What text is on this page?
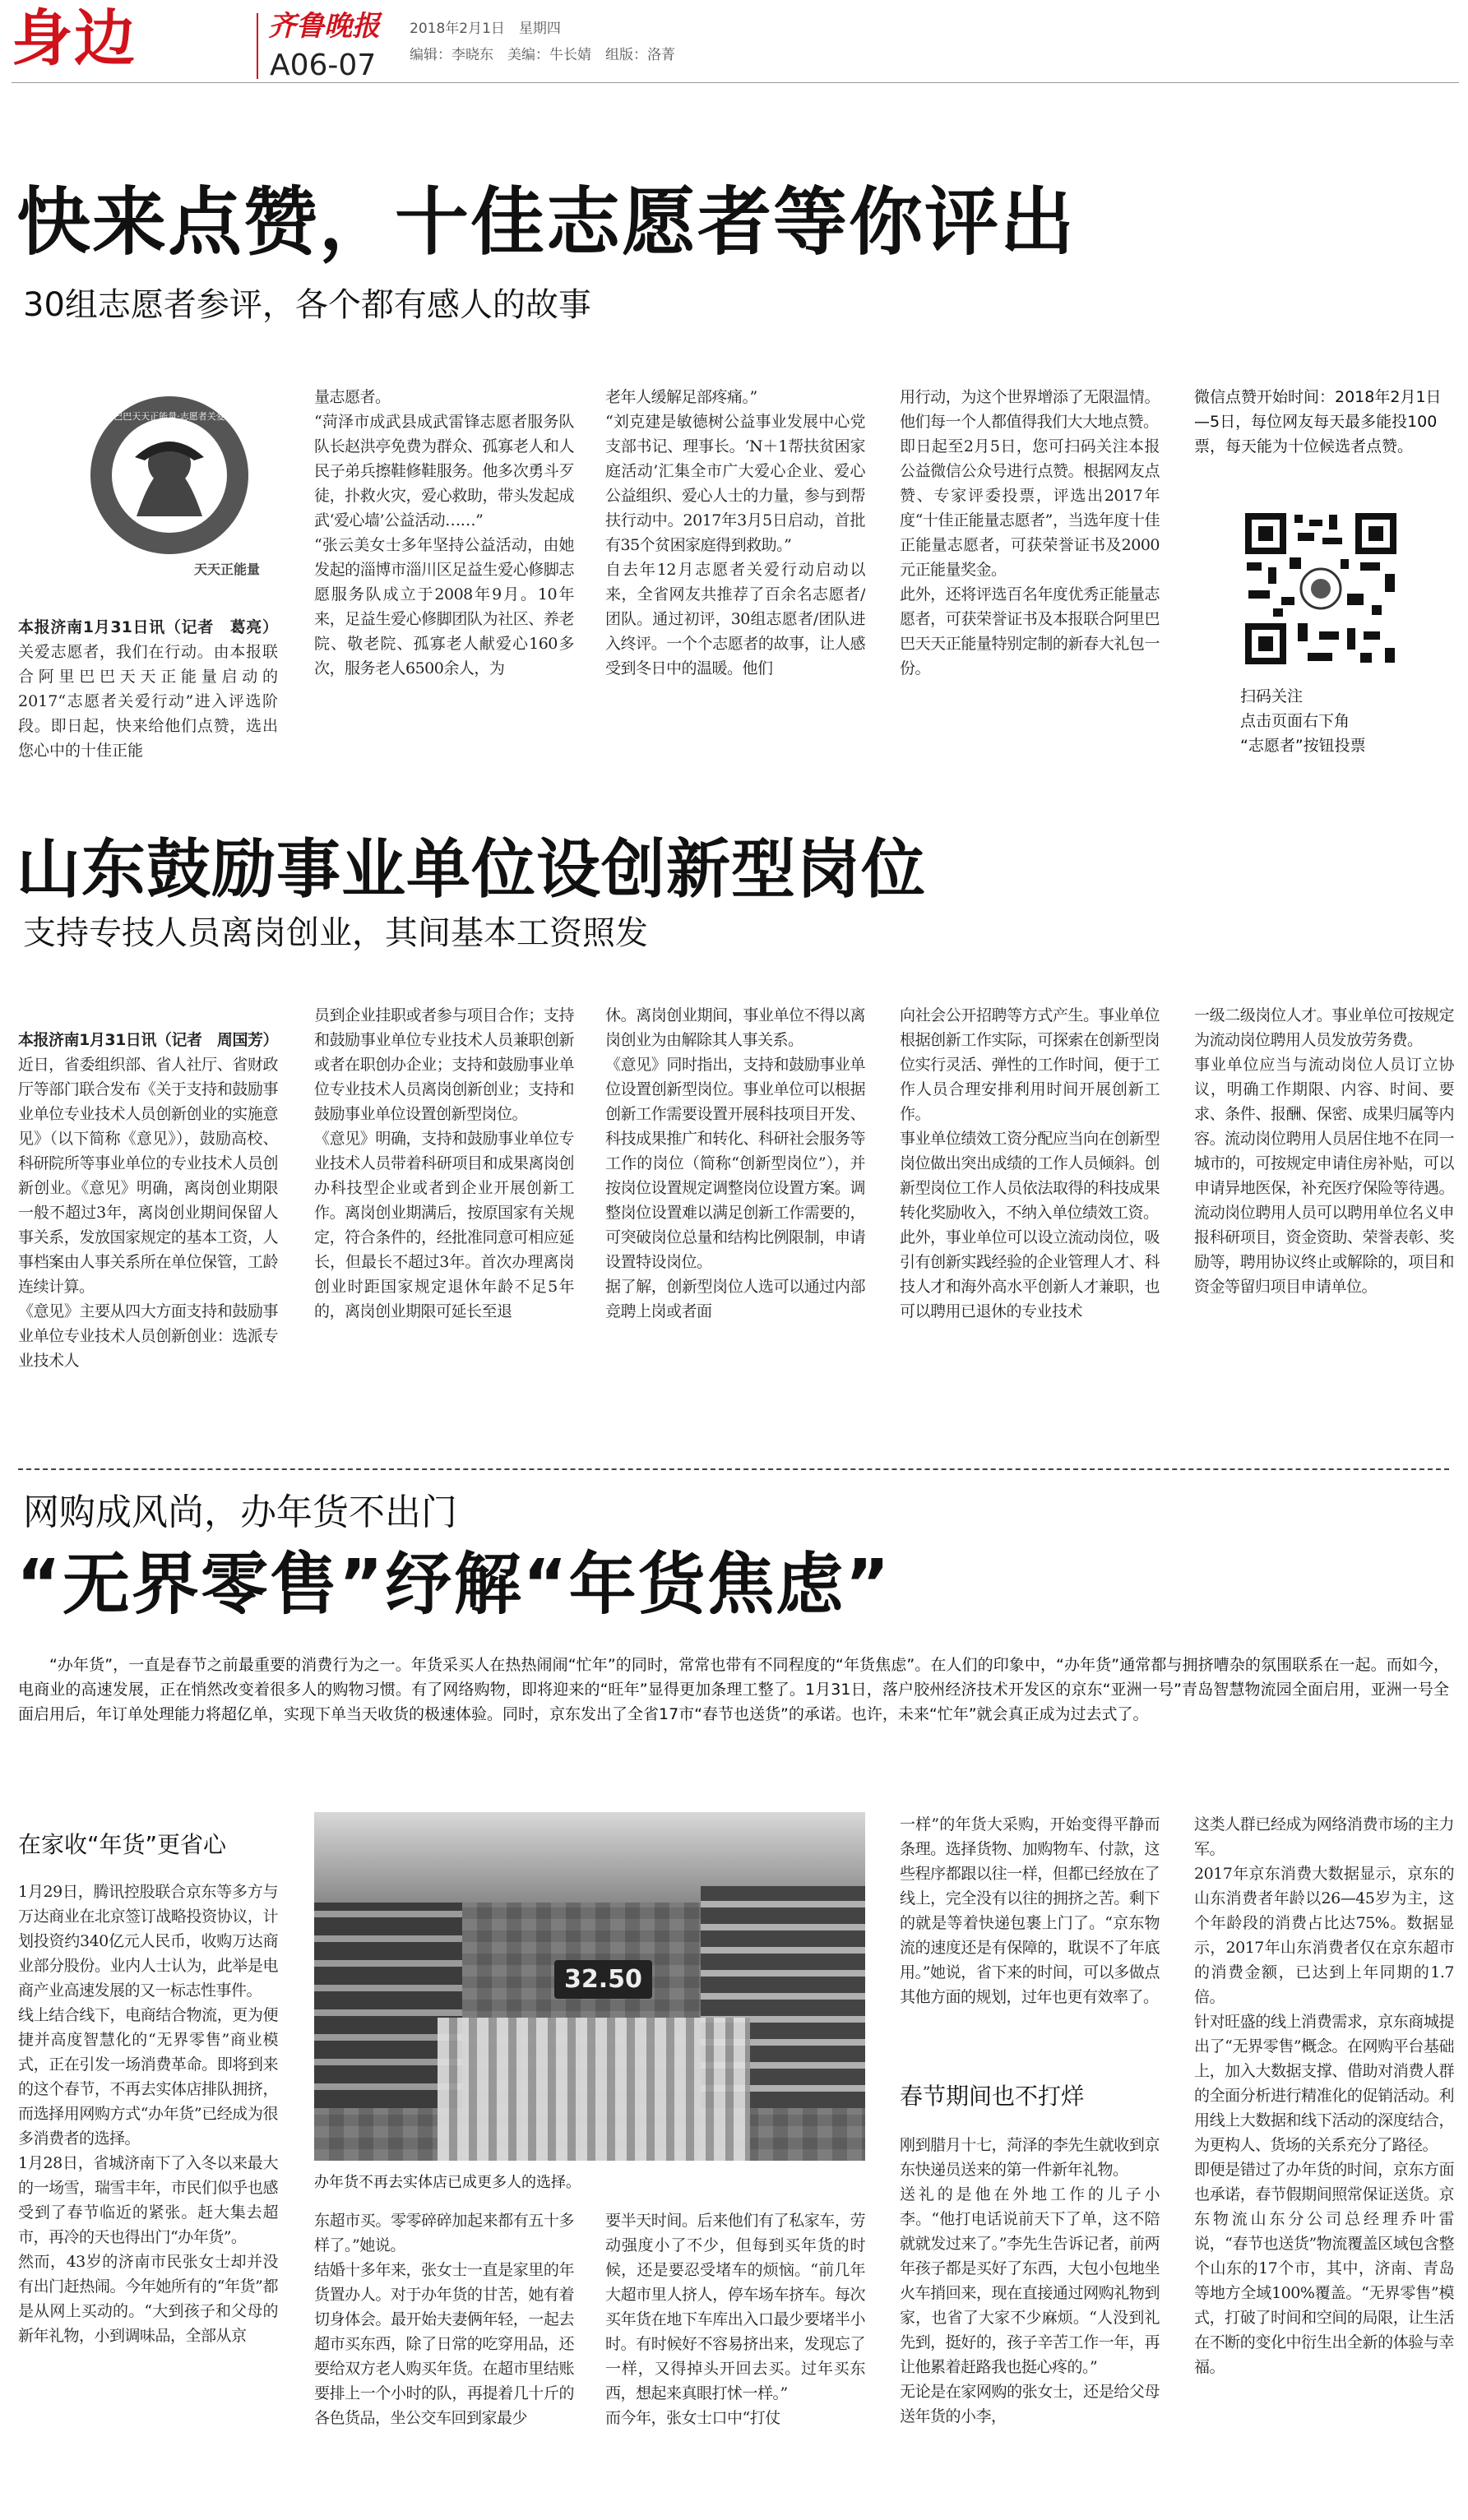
身边	齐鲁晚报
A06-07
2018年2月1日　星期四
编辑：李晓东　美编：牛长婧　组版：洛菁
快来点赞，十佳志愿者等你评出
30组志愿者参评，各个都有感人的故事
阿里巴巴天天正能量·志愿者关爱行动
天天正能量

本报济南1月31日讯（记者　葛亮）关爱志愿者，我们在行动。由本报联合阿里巴巴天天正能量启动的2017“志愿者关爱行动”进入评选阶段。即日起，快来给他们点赞，选出您心中的十佳正能

量志愿者。
“菏泽市成武县成武雷锋志愿者服务队队长赵洪亭免费为群众、孤寡老人和人民子弟兵擦鞋修鞋服务。他多次勇斗歹徒，扑救火灾，爱心救助，带头发起成武‘爱心墙’公益活动……”
“张云美女士多年坚持公益活动，由她发起的淄博市淄川区足益生爱心修脚志愿服务队成立于2008年9月。10年来，足益生爱心修脚团队为社区、养老院、敬老院、孤寡老人献爱心160多次，服务老人6500余人，为
老年人缓解足部疼痛。”
“刘克建是敏德树公益事业发展中心党支部书记、理事长。‘N＋1帮扶贫困家庭活动’汇集全市广大爱心企业、爱心公益组织、爱心人士的力量，参与到帮扶行动中。2017年3月5日启动，首批有35个贫困家庭得到救助。”
自去年12月志愿者关爱行动启动以来，全省网友共推荐了百余名志愿者/团队。通过初评，30组志愿者/团队进入终评。一个个志愿者的故事，让人感受到冬日中的温暖。他们
用行动，为这个世界增添了无限温情。他们每一个人都值得我们大大地点赞。
即日起至2月5日，您可扫码关注本报公益微信公众号进行点赞。根据网友点赞、专家评委投票，评选出2017年度“十佳正能量志愿者”，当选年度十佳正能量志愿者，可获荣誉证书及2000元正能量奖金。
此外，还将评选百名年度优秀正能量志愿者，可获荣誉证书及本报联合阿里巴巴天天正能量特别定制的新春大礼包一份。
微信点赞开始时间：2018年2月1日—5日，每位网友每天最多能投100票，每天能为十位候选者点赞。
扫码关注
点击页面右下角
“志愿者”按钮投票
山东鼓励事业单位设创新型岗位
支持专技人员离岗创业，其间基本工资照发

本报济南1月31日讯（记者　周国芳）近日，省委组织部、省人社厅、省财政厅等部门联合发布《关于支持和鼓励事业单位专业技术人员创新创业的实施意见》（以下简称《意见》），鼓励高校、科研院所等事业单位的专业技术人员创新创业。《意见》明确，离岗创业期限一般不超过3年，离岗创业期间保留人事关系，发放国家规定的基本工资，人事档案由人事关系所在单位保管，工龄连续计算。
《意见》主要从四大方面支持和鼓励事业单位专业技术人员创新创业：选派专业技术人

员到企业挂职或者参与项目合作；支持和鼓励事业单位专业技术人员兼职创新或者在职创办企业；支持和鼓励事业单位专业技术人员离岗创新创业；支持和鼓励事业单位设置创新型岗位。
《意见》明确，支持和鼓励事业单位专业技术人员带着科研项目和成果离岗创办科技型企业或者到企业开展创新工作。离岗创业期满后，按原国家有关规定，符合条件的，经批准同意可相应延长，但最长不超过3年。首次办理离岗创业时距国家规定退休年龄不足5年的，离岗创业期限可延长至退
休。离岗创业期间，事业单位不得以离岗创业为由解除其人事关系。
《意见》同时指出，支持和鼓励事业单位设置创新型岗位。事业单位可以根据创新工作需要设置开展科技项目开发、科技成果推广和转化、科研社会服务等工作的岗位（简称“创新型岗位”），并按岗位设置规定调整岗位设置方案。调整岗位设置难以满足创新工作需要的，可突破岗位总量和结构比例限制，申请设置特设岗位。
据了解，创新型岗位人选可以通过内部竞聘上岗或者面
向社会公开招聘等方式产生。事业单位根据创新工作实际，可探索在创新型岗位实行灵活、弹性的工作时间，便于工作人员合理安排利用时间开展创新工作。
事业单位绩效工资分配应当向在创新型岗位做出突出成绩的工作人员倾斜。创新型岗位工作人员依法取得的科技成果转化奖励收入，不纳入单位绩效工资。
此外，事业单位可以设立流动岗位，吸引有创新实践经验的企业管理人才、科技人才和海外高水平创新人才兼职，也可以聘用已退休的专业技术
一级二级岗位人才。事业单位可按规定为流动岗位聘用人员发放劳务费。
事业单位应当与流动岗位人员订立协议，明确工作期限、内容、时间、要求、条件、报酬、保密、成果归属等内容。流动岗位聘用人员居住地不在同一城市的，可按规定申请住房补贴，可以申请异地医保，补充医疗保险等待遇。流动岗位聘用人员可以聘用单位名义申报科研项目，资金资助、荣誉表彰、奖励等，聘用协议终止或解除的，项目和资金等留归项目申请单位。
网购成风尚，办年货不出门
“无界零售”纾解“年货焦虑”
“办年货”，一直是春节之前最重要的消费行为之一。年货采买人在热热闹闹“忙年”的同时，常常也带有不同程度的“年货焦虑”。在人们的印象中，“办年货”通常都与拥挤嘈杂的氛围联系在一起。而如今，电商业的高速发展，正在悄然改变着很多人的购物习惯。有了网络购物，即将迎来的“旺年”显得更加条理工整了。1月31日，落户胶州经济技术开发区的京东“亚洲一号”青岛智慧物流园全面启用，亚洲一号全面启用后，年订单处理能力将超亿单，实现下单当天收货的极速体验。同时，京东发出了全省17市“春节也送货”的承诺。也许，未来“忙年”就会真正成为过去式了。
在家收“年货”更省心
1月29日，腾讯控股联合京东等多方与万达商业在北京签订战略投资协议，计划投资约340亿元人民币，收购万达商业部分股份。业内人士认为，此举是电商产业高速发展的又一标志性事件。
线上结合线下，电商结合物流，更为便捷并高度智慧化的“无界零售”商业模式，正在引发一场消费革命。即将到来的这个春节，不再去实体店排队拥挤，而选择用网购方式“办年货”已经成为很多消费者的选择。
1月28日，省城济南下了入冬以来最大的一场雪，瑞雪丰年，市民们似乎也感受到了春节临近的紧张。赶大集去超市，再冷的天也得出门“办年货”。
然而，43岁的济南市民张女士却并没有出门赶热闹。今年她所有的“年货”都是从网上买动的。“大到孩子和父母的新年礼物，小到调味品，全部从京
32.50
办年货不再去实体店已成更多人的选择。
东超市买。零零碎碎加起来都有五十多样了。”她说。
结婚十多年来，张女士一直是家里的年货置办人。对于办年货的甘苦，她有着切身体会。最开始夫妻俩年轻，一起去超市买东西，除了日常的吃穿用品，还要给双方老人购买年货。在超市里结账要排上一个小时的队，再提着几十斤的各色货品，坐公交车回到家最少
要半天时间。后来他们有了私家车，劳动强度小了不少，但每到买年货的时候，还是要忍受堵车的烦恼。“前几年大超市里人挤人，停车场车挤车。每次买年货在地下车库出入口最少要堵半小时。有时候好不容易挤出来，发现忘了一样，又得掉头开回去买。过年买东西，想起来真眼打怵一样。”
而今年，张女士口中“打仗
一样”的年货大采购，开始变得平静而条理。选择货物、加购物车、付款，这些程序都跟以往一样，但都已经放在了线上，完全没有以往的拥挤之苦。剩下的就是等着快递包裹上门了。“京东物流的速度还是有保障的，耽误不了年底用。”她说，省下来的时间，可以多做点其他方面的规划，过年也更有效率了。
春节期间也不打烊
刚到腊月十七，菏泽的李先生就收到京东快递员送来的第一件新年礼物。
送礼的是他在外地工作的儿子小李。“他打电话说前天下了单，这不陪就就发过来了。”李先生告诉记者，前两年孩子都是买好了东西，大包小包地坐火车捎回来，现在直接通过网购礼物到家，也省了大家不少麻烦。“人没到礼先到，挺好的，孩子辛苦工作一年，再让他累着赶路我也挺心疼的。”
无论是在家网购的张女士，还是给父母送年货的小李，
这类人群已经成为网络消费市场的主力军。
2017年京东消费大数据显示，京东的山东消费者年龄以26—45岁为主，这个年龄段的消费占比达75%。数据显示，2017年山东消费者仅在京东超市的消费金额，已达到上年同期的1.7倍。
针对旺盛的线上消费需求，京东商城提出了“无界零售”概念。在网购平台基础上，加入大数据支撑、借助对消费人群的全面分析进行精准化的促销活动。利用线上大数据和线下活动的深度结合，为更构人、货场的关系充分了路径。
即便是错过了办年货的时间，京东方面也承诺，春节假期间照常保证送货。京东物流山东分公司总经理乔叶雷说，“春节也送货”物流覆盖区域包含整个山东的17个市，其中，济南、青岛等地方全域100%覆盖。“无界零售”模式，打破了时间和空间的局限，让生活在不断的变化中衍生出全新的体验与幸福。
